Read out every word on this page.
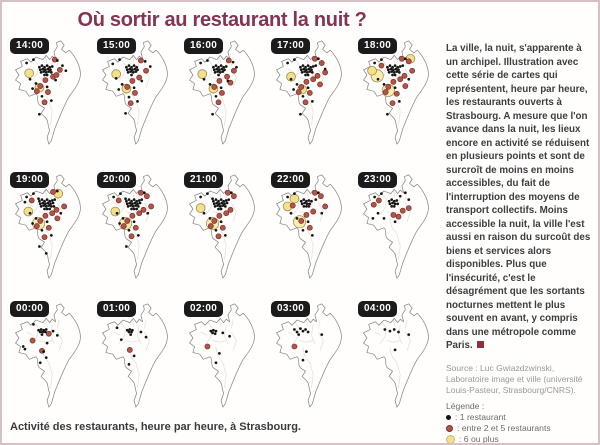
Où sortir au restaurant la nuit ?
14:00	15:00	16:00	17:00	18:00
19:00	20:00	21:00	22:00	23:00
00:00	01:00	02:00	03:00	04:00

La ville, la nuit, s'apparente à un archipel. Illustration avec cette série de cartes qui représentent, heure par heure, les restaurants ouverts à Strasbourg. A mesure que l'on avance dans la nuit, les lieux encore en activité se réduisent en plusieurs points et sont de surcroît de moins en moins accessibles, du fait de l'interruption des moyens de transport collectifs. Moins accessible la nuit, la ville l'est aussi en raison du surcoût des biens et services alors disponibles. Plus que l'insécurité, c'est le désagrément que les sortants nocturnes mettent le plus souvent en avant, y compris dans une métropole comme Paris.

Source : Luc Gwiazdzwinski, Laboratoire image et ville (université Louis-Pasteur, Strasbourg/CNRS).

Légende :

: 1 restaurant
: entre 2 et 5 restaurants
: 6 ou plus

Activité des restaurants, heure par heure, à Strasbourg.
